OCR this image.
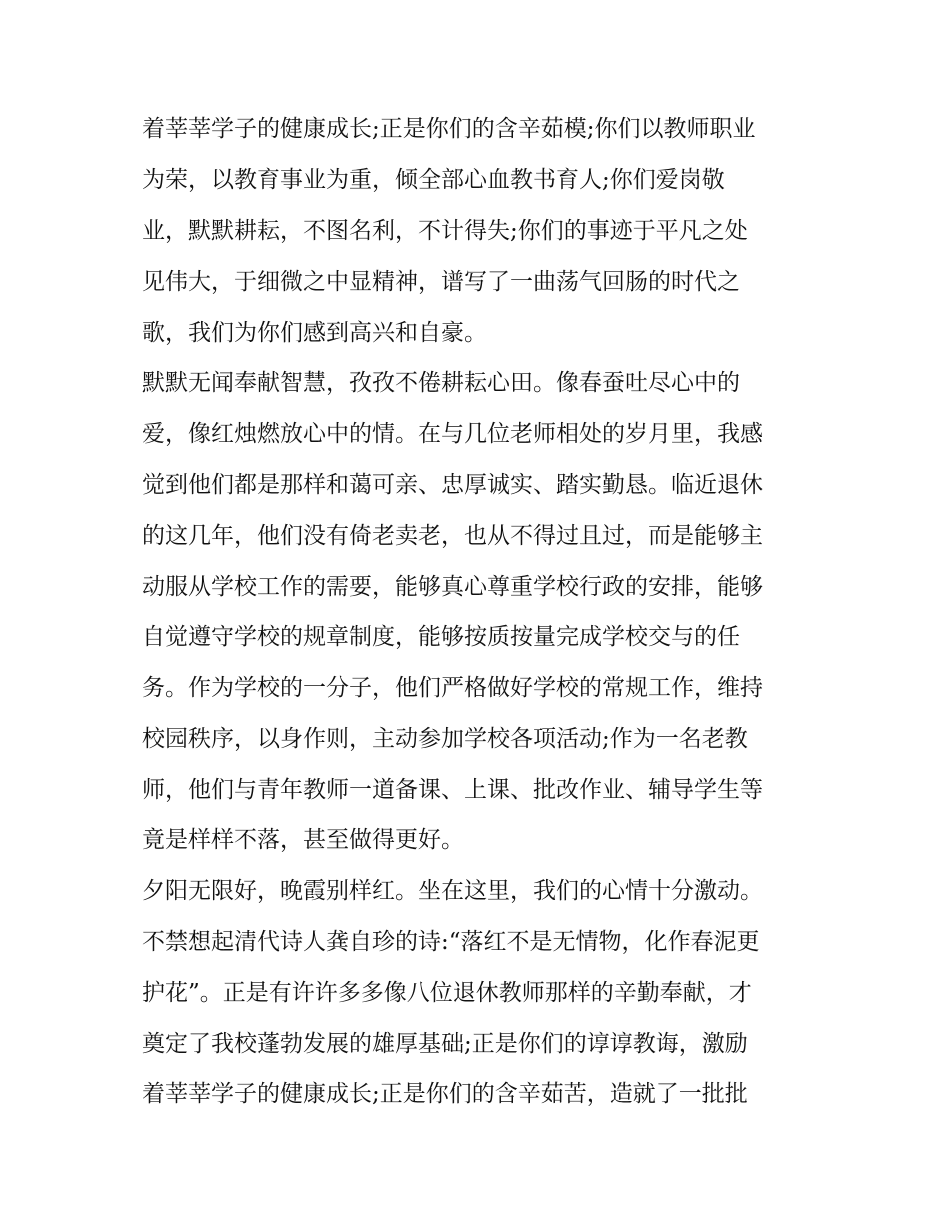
着莘莘学子的健康成长;正是你们的含辛茹模;你们以教师职业
为荣，以教育事业为重，倾全部心血教书育人;你们爱岗敬
业，默默耕耘，不图名利，不计得失;你们的事迹于平凡之处
见伟大，于细微之中显精神，谱写了一曲荡气回肠的时代之
歌，我们为你们感到高兴和自豪。
默默无闻奉献智慧，孜孜不倦耕耘心田。像春蚕吐尽心中的
爱，像红烛燃放心中的情。在与几位老师相处的岁月里，我感
觉到他们都是那样和蔼可亲、忠厚诚实、踏实勤恳。临近退休
的这几年，他们没有倚老卖老，也从不得过且过，而是能够主
动服从学校工作的需要，能够真心尊重学校行政的安排，能够
自觉遵守学校的规章制度，能够按质按量完成学校交与的任
务。作为学校的一分子，他们严格做好学校的常规工作，维持
校园秩序，以身作则，主动参加学校各项活动;作为一名老教
师，他们与青年教师一道备课、上课、批改作业、辅导学生等
竟是样样不落，甚至做得更好。
夕阳无限好，晚霞别样红。坐在这里，我们的心情十分激动。
不禁想起清代诗人龚自珍的诗:“落红不是无情物，化作春泥更
护花”。正是有许许多多像八位退休教师那样的辛勤奉献，才
奠定了我校蓬勃发展的雄厚基础;正是你们的谆谆教诲，激励
着莘莘学子的健康成长;正是你们的含辛茹苦，造就了一批批
